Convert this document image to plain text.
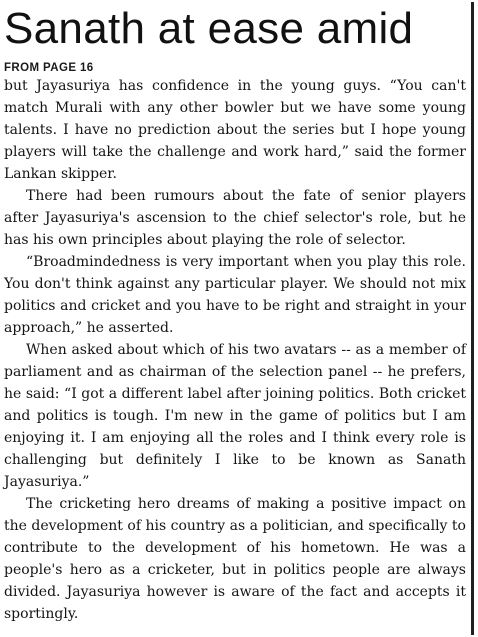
Sanath at ease amid
FROM PAGE 16

but Jayasuriya has confidence in the young guys. “You can't match Murali with any other bowler but we have some young talents. I have no prediction about the series but I hope young players will take the challenge and work hard,” said the former Lankan skipper.

There had been rumours about the fate of senior players after Jayasuriya's ascension to the chief selector's role, but he has his own principles about playing the role of selector.

“Broadmindedness is very important when you play this role. You don't think against any particular player. We should not mix politics and cricket and you have to be right and straight in your approach,” he asserted.

When asked about which of his two avatars -- as a member of parliament and as chairman of the selection panel -- he prefers, he said: “I got a different label after joining politics. Both cricket and politics is tough. I'm new in the game of politics but I am enjoying it. I am enjoying all the roles and I think every role is challenging but definitely I like to be known as Sanath Jayasuriya.”

The cricketing hero dreams of making a positive impact on the development of his country as a politician, and specifically to contribute to the development of his hometown. He was a people's hero as a cricketer, but in politics people are always divided. Jayasuriya however is aware of the fact and accepts it sportingly.
